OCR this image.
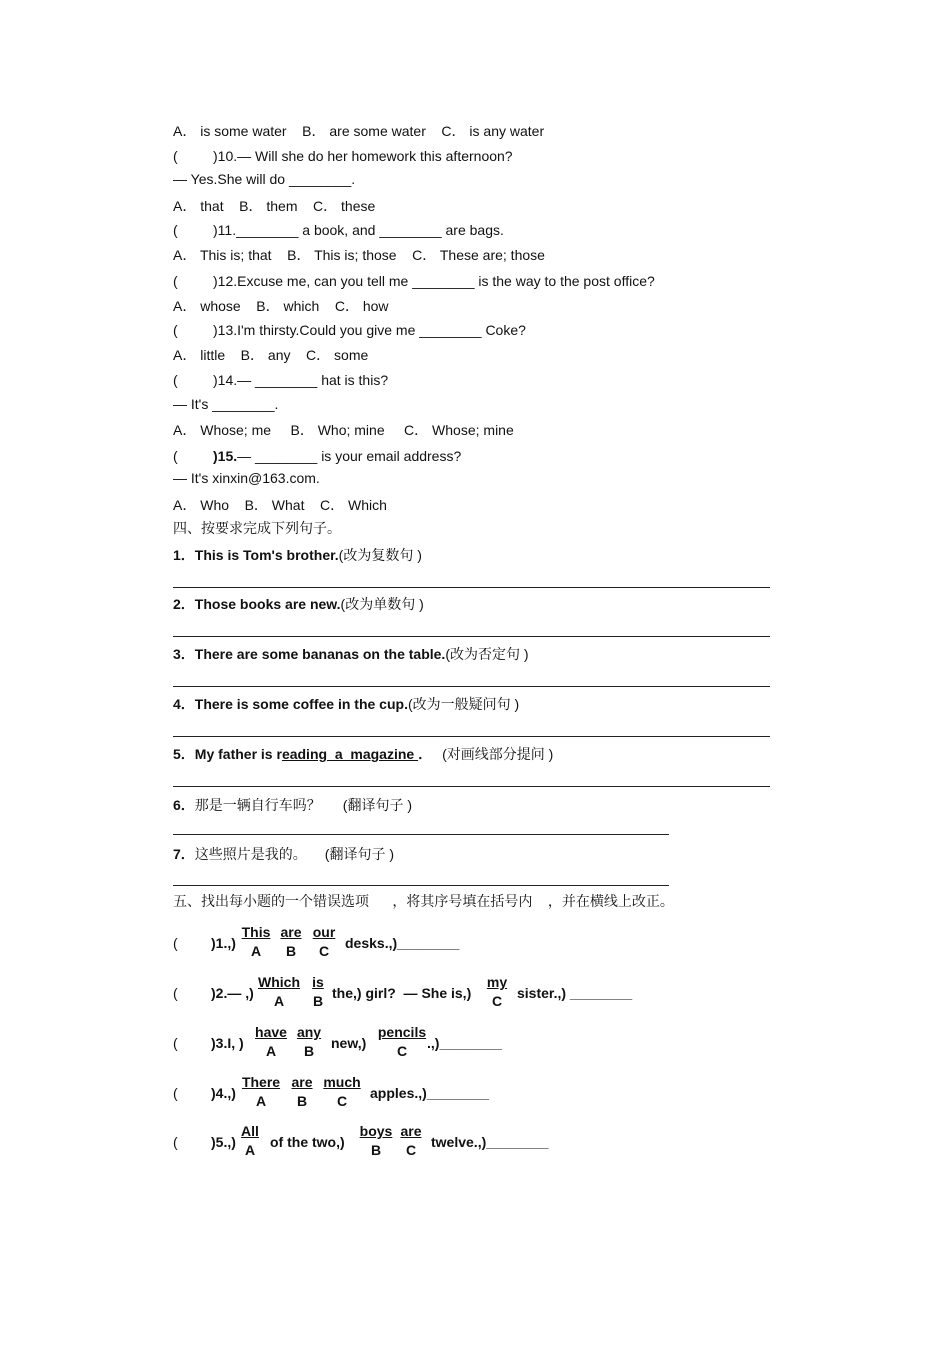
A． is some water    B． are some water    C． is any water
(	)10.— Will she do her homework this afternoon?
— Yes.She will do ________.
A． that    B． them    C． these
(	)11.________ a book, and ________ are bags.
A． This is; that    B． This is; those    C． These are; those
(	)12.Excuse me, can you tell me ________ is the way to the post office?
A． whose    B． which    C． how
(	)13.I'm thirsty.Could you give me ________ Coke?
A． little    B． any    C． some
(	)14.— ________ hat is this?
— It's ________.
A． Whose; me     B． Who; mine     C． Whose; mine
(	)15.— ________ is your email address?
— It's xinxin@163.com.
A． Who    B． What    C． Which
四、按要求完成下列句子。
1．This is Tom's brother.(改为复数句 )
2．Those books are new.(改为单数句 )
3．There are some bananas on the table.(改为否定句 )
4．There is some coffee in the cup.(改为一般疑问句 )
5．My father is reading  a  magazine ． (对画线部分提问 )
6．那是一辆自行车吗？ (翻译句子 )
7．这些照片是我的。 (翻译句子 )
五、找出每小题的一个错误选项      ，将其序号填在括号内    ，并在横线上改正。
( )1.,)
This
A
are
B
our
C	desks.,)________
( )2.— ,)
Which
A
is
B the,) girl?  — She is,)
my
C	sister.,) ________
( )3.I, )
have
A
any
B	new,)
pencils
C	.,)________
( )4.,)
There
A
are
B
much
C	apples.,)________
( )5.,)
All
A	of the two,)
boys
B
are
C	twelve.,)________
